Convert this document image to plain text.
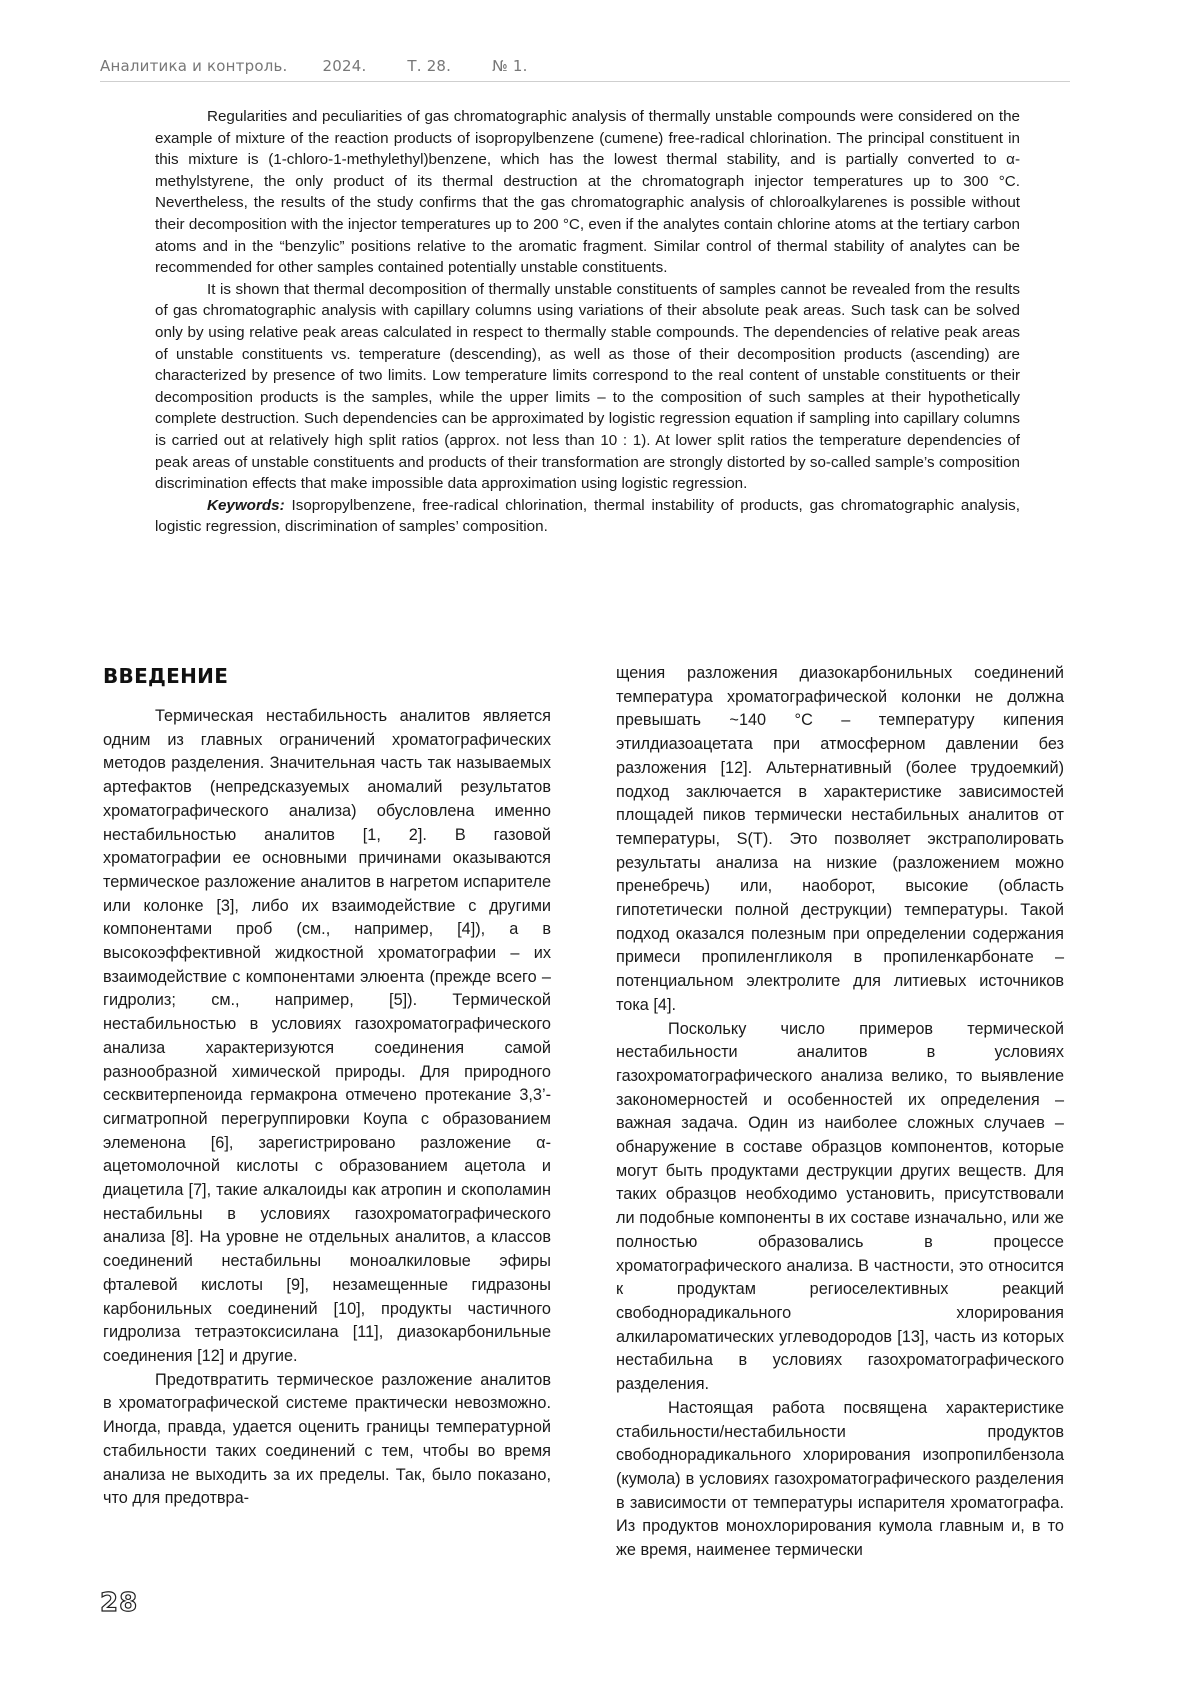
Аналитика и контроль. 2024.	Т. 28.	№ 1.

Regularities and peculiarities of gas chromatographic analysis of thermally unstable compounds were considered on the example of mixture of the reaction products of isopropylbenzene (cumene) free-radical chlorination. The principal constituent in this mixture is (1-chloro-1-methylethyl)benzene, which has the lowest thermal stability, and is partially converted to α-methylstyrene, the only product of its thermal destruction at the chromatograph injector temperatures up to 300 °C. Nevertheless, the results of the study confirms that the gas chromatographic analysis of chloroalkylarenes is possible without their decomposition with the injector temperatures up to 200 °C, even if the analytes contain chlorine atoms at the tertiary carbon atoms and in the “benzylic” positions relative to the aromatic fragment. Similar control of thermal stability of analytes can be recommended for other samples contained potentially unstable constituents.

It is shown that thermal decomposition of thermally unstable constituents of samples cannot be revealed from the results of gas chromatographic analysis with capillary columns using variations of their absolute peak areas. Such task can be solved only by using relative peak areas calculated in respect to thermally stable compounds. The dependencies of relative peak areas of unstable constituents vs. temperature (descending), as well as those of their decomposition products (ascending) are characterized by presence of two limits. Low temperature limits correspond to the real content of unstable constituents or their decomposition products is the samples, while the upper limits – to the composition of such samples at their hypothetically complete destruction. Such dependencies can be approximated by logistic regression equation if sampling into capillary columns is carried out at relatively high split ratios (approx. not less than 10 : 1). At lower split ratios the temperature dependencies of peak areas of unstable constituents and products of their transformation are strongly distorted by so-called sample’s composition discrimination effects that make impossible data approximation using logistic regression.

Keywords: Isopropylbenzene, free-radical chlorination, thermal instability of products, gas chromatographic analysis, logistic regression, discrimination of samples’ composition.

ВВЕДЕНИЕ

Термическая нестабильность аналитов является одним из главных ограничений хроматографических методов разделения. Значительная часть так называемых артефактов (непредсказуемых аномалий результатов хроматографического анализа) обусловлена именно нестабильностью аналитов [1, 2]. В газовой хроматографии ее основными причинами оказываются термическое разложение аналитов в нагретом испарителе или колонке [3], либо их взаимодействие с другими компонентами проб (см., например, [4]), а в высокоэффективной жидкостной хроматографии – их взаимодействие с компонентами элюента (прежде всего – гидролиз; см., например, [5]). Термической нестабильностью в условиях газохроматографического анализа характеризуются соединения самой разнообразной химической природы. Для природного сесквитерпеноида гермакрона отмечено протекание 3,3’-сигматропной перегруппировки Коупа с образованием элеменона [6], зарегистрировано разложение α-ацетомолочной кислоты с образованием ацетола и диацетила [7], такие алкалоиды как атропин и скополамин нестабильны в условиях газохроматографического анализа [8]. На уровне не отдельных аналитов, а классов соединений нестабильны моноалкиловые эфиры фталевой кислоты [9], незамещенные гидразоны карбонильных соединений [10], продукты частичного гидролиза тетраэтоксисилана [11], диазокарбонильные соединения [12] и другие.

Предотвратить термическое разложение аналитов в хроматографической системе практически невозможно. Иногда, правда, удается оценить границы температурной стабильности таких соединений с тем, чтобы во время анализа не выходить за их пределы. Так, было показано, что для предотвра-

щения разложения диазокарбонильных соединений температура хроматографической колонки не должна превышать ~140 °С – температуру кипения этилдиазоацетата при атмосферном давлении без разложения [12]. Альтернативный (более трудоемкий) подход заключается в характеристике зависимостей площадей пиков термически нестабильных аналитов от температуры, S(T). Это позволяет экстраполировать результаты анализа на низкие (разложением можно пренебречь) или, наоборот, высокие (область гипотетически полной деструкции) температуры. Такой подход оказался полезным при определении содержания примеси пропиленгликоля в пропиленкарбонате – потенциальном электролите для литиевых источников тока [4].

Поскольку число примеров термической нестабильности аналитов в условиях газохроматографического анализа велико, то выявление закономерностей и особенностей их определения – важная задача. Один из наиболее сложных случаев – обнаружение в составе образцов компонентов, которые могут быть продуктами деструкции других веществ. Для таких образцов необходимо установить, присутствовали ли подобные компоненты в их составе изначально, или же полностью образовались в процессе хроматографического анализа. В частности, это относится к продуктам региоселективных реакций свободнорадикального хлорирования алкилароматических углеводородов [13], часть из которых нестабильна в условиях газохроматографического разделения.

Настоящая работа посвящена характеристике стабильности/нестабильности продуктов свободнорадикального хлорирования изопропилбензола (кумола) в условиях газохроматографического разделения в зависимости от температуры испарителя хроматографа. Из продуктов монохлорирования кумола главным и, в то же время, наименее термически

28
